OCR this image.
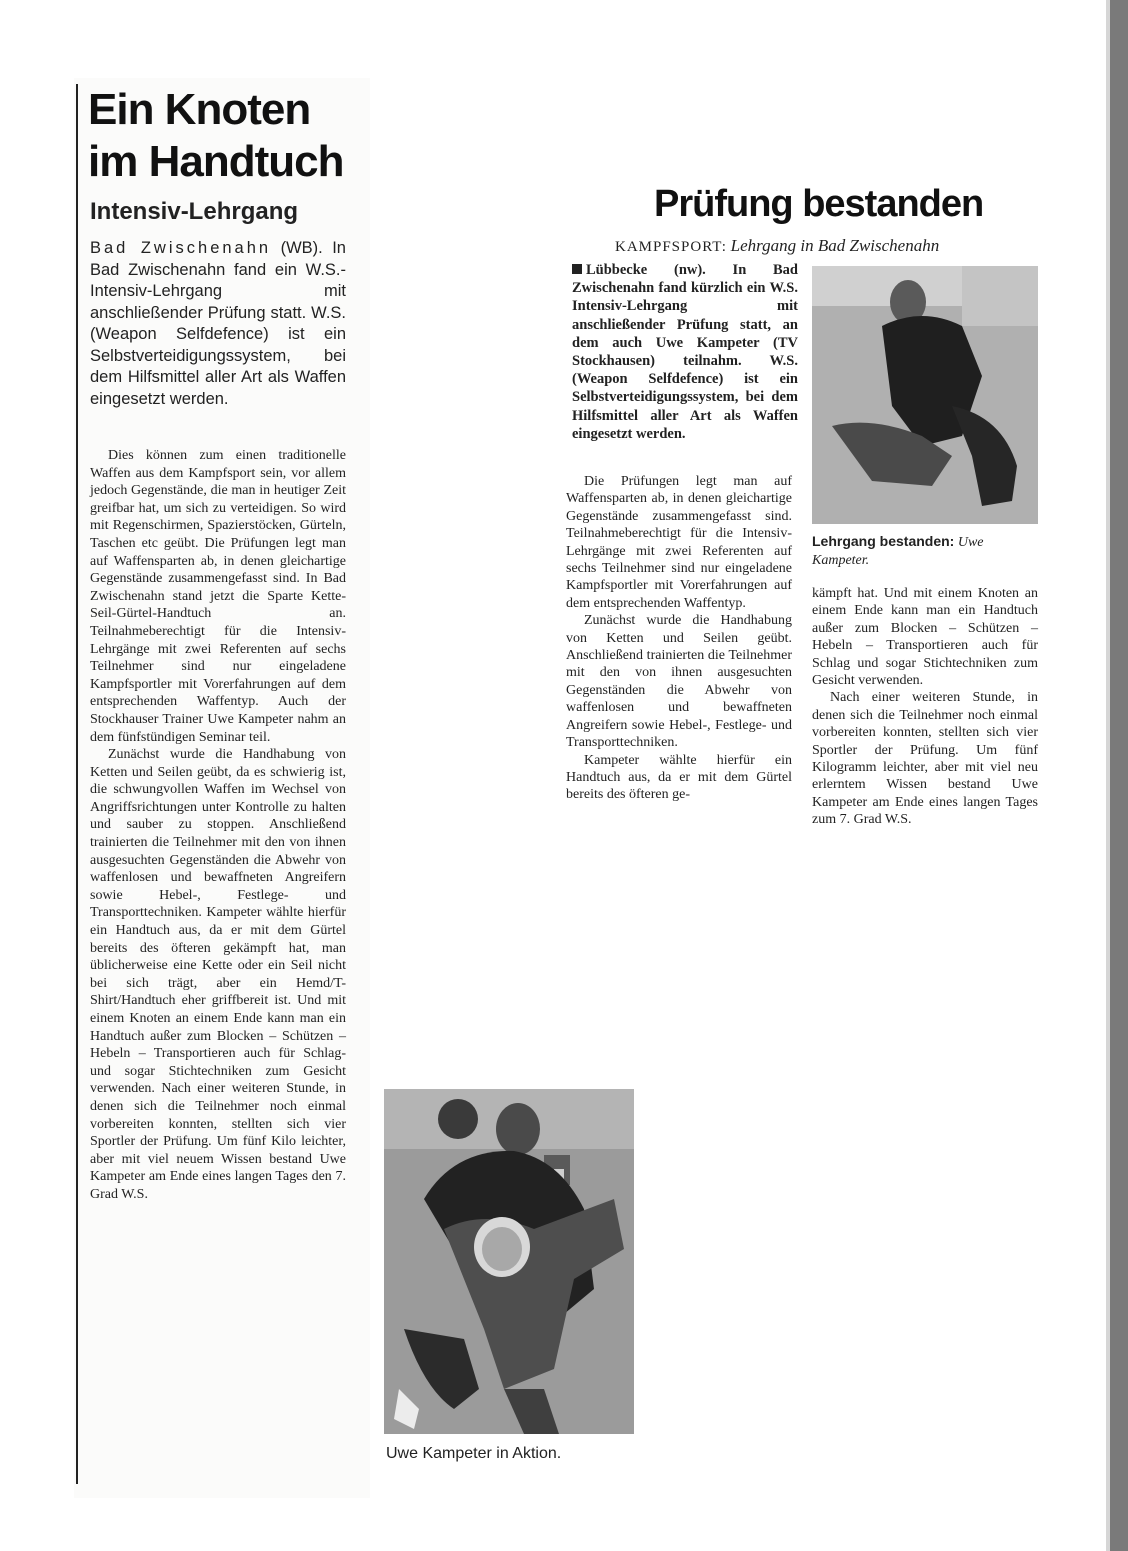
Ein Knoten im Handtuch
Intensiv-Lehrgang

Bad Zwischenahn (WB). In Bad Zwischenahn fand ein W.S.-Intensiv-Lehrgang mit anschließender Prüfung statt. W.S. (Weapon Selfdefence) ist ein Selbstverteidigungssystem, bei dem Hilfsmittel aller Art als Waffen eingesetzt werden.

Dies können zum einen traditionelle Waffen aus dem Kampfsport sein, vor allem jedoch Gegenstände, die man in heutiger Zeit greifbar hat, um sich zu verteidigen. So wird mit Regenschirmen, Spazierstöcken, Gürteln, Taschen etc geübt. Die Prüfungen legt man auf Waffensparten ab, in denen gleichartige Gegenstände zusammengefasst sind. In Bad Zwischenahn stand jetzt die Sparte Kette-Seil-Gürtel-Handtuch an. Teilnahmeberechtigt für die Intensiv-Lehrgänge mit zwei Referenten auf sechs Teilnehmer sind nur eingeladene Kampfsportler mit Vorerfahrungen auf dem entsprechenden Waffentyp. Auch der Stockhauser Trainer Uwe Kampeter nahm an dem fünfstündigen Seminar teil.

Zunächst wurde die Handhabung von Ketten und Seilen geübt, da es schwierig ist, die schwungvollen Waffen im Wechsel von Angriffsrichtungen unter Kontrolle zu halten und sauber zu stoppen. Anschließend trainierten die Teilnehmer mit den von ihnen ausgesuchten Gegenständen die Abwehr von waffenlosen und bewaffneten Angreifern sowie Hebel-, Festlege- und Transporttechniken. Kampeter wählte hierfür ein Handtuch aus, da er mit dem Gürtel bereits des öfteren gekämpft hat, man üblicherweise eine Kette oder ein Seil nicht bei sich trägt, aber ein Hemd/T-Shirt/Handtuch eher griffbereit ist. Und mit einem Knoten an einem Ende kann man ein Handtuch außer zum Blocken – Schützen – Hebeln – Transportieren auch für Schlag- und sogar Stichtechniken zum Gesicht verwenden. Nach einer weiteren Stunde, in denen sich die Teilnehmer noch einmal vorbereiten konnten, stellten sich vier Sportler der Prüfung. Um fünf Kilo leichter, aber mit viel neuem Wissen bestand Uwe Kampeter am Ende eines langen Tages den 7. Grad W.S.

Uwe Kampeter in Aktion.

Prüfung bestanden

KAMPFSPORT: Lehrgang in Bad Zwischenahn

Lübbecke (nw). In Bad Zwischenahn fand kürzlich ein W.S. Intensiv-Lehrgang mit anschließender Prüfung statt, an dem auch Uwe Kampeter (TV Stockhausen) teilnahm. W.S. (Weapon Selfdefence) ist ein Selbstverteidigungssystem, bei dem Hilfsmittel aller Art als Waffen eingesetzt werden.

Die Prüfungen legt man auf Waffensparten ab, in denen gleichartige Gegenstände zusammengefasst sind. Teilnahmeberechtigt für die Intensiv-Lehrgänge mit zwei Referenten auf sechs Teilnehmer sind nur eingeladene Kampfsportler mit Vorerfahrungen auf dem entsprechenden Waffentyp.

Zunächst wurde die Handhabung von Ketten und Seilen geübt. Anschließend trainierten die Teilnehmer mit den von ihnen ausgesuchten Gegenständen die Abwehr von waffenlosen und bewaffneten Angreifern sowie Hebel-, Festlege- und Transporttechniken.

Kampeter wählte hierfür ein Handtuch aus, da er mit dem Gürtel bereits des öfteren ge-

Lehrgang bestanden: Uwe Kampeter.

kämpft hat. Und mit einem Knoten an einem Ende kann man ein Handtuch außer zum Blocken – Schützen – Hebeln – Transportieren auch für Schlag und sogar Stichtechniken zum Gesicht verwenden.

Nach einer weiteren Stunde, in denen sich die Teilnehmer noch einmal vorbereiten konnten, stellten sich vier Sportler der Prüfung. Um fünf Kilogramm leichter, aber mit viel neu erlerntem Wissen bestand Uwe Kampeter am Ende eines langen Tages zum 7. Grad W.S.
